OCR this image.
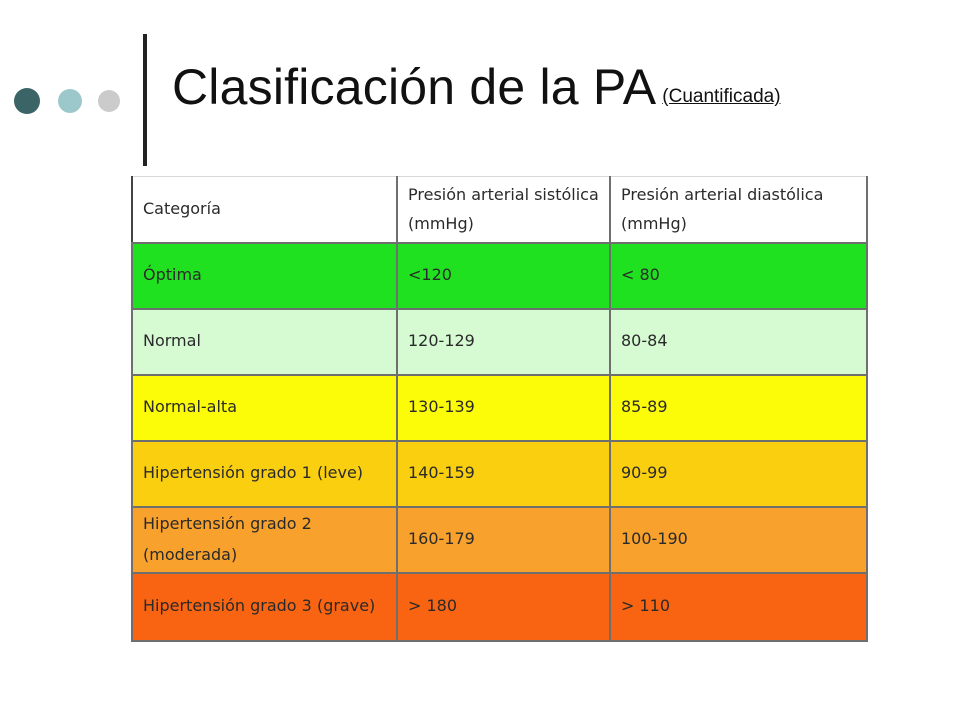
Clasificación de la PA (Cuantificada)
Categoría	Presión arterial sistólica (mmHg)	Presión arterial diastólica (mmHg)
Óptima	<120	< 80
Normal	120-129	80-84
Normal-alta	130-139	85-89
Hipertensión grado 1 (leve)	140-159	90-99
Hipertensión grado 2 (moderada)	160-179	100-190
Hipertensión grado 3 (grave)	> 180	> 110
